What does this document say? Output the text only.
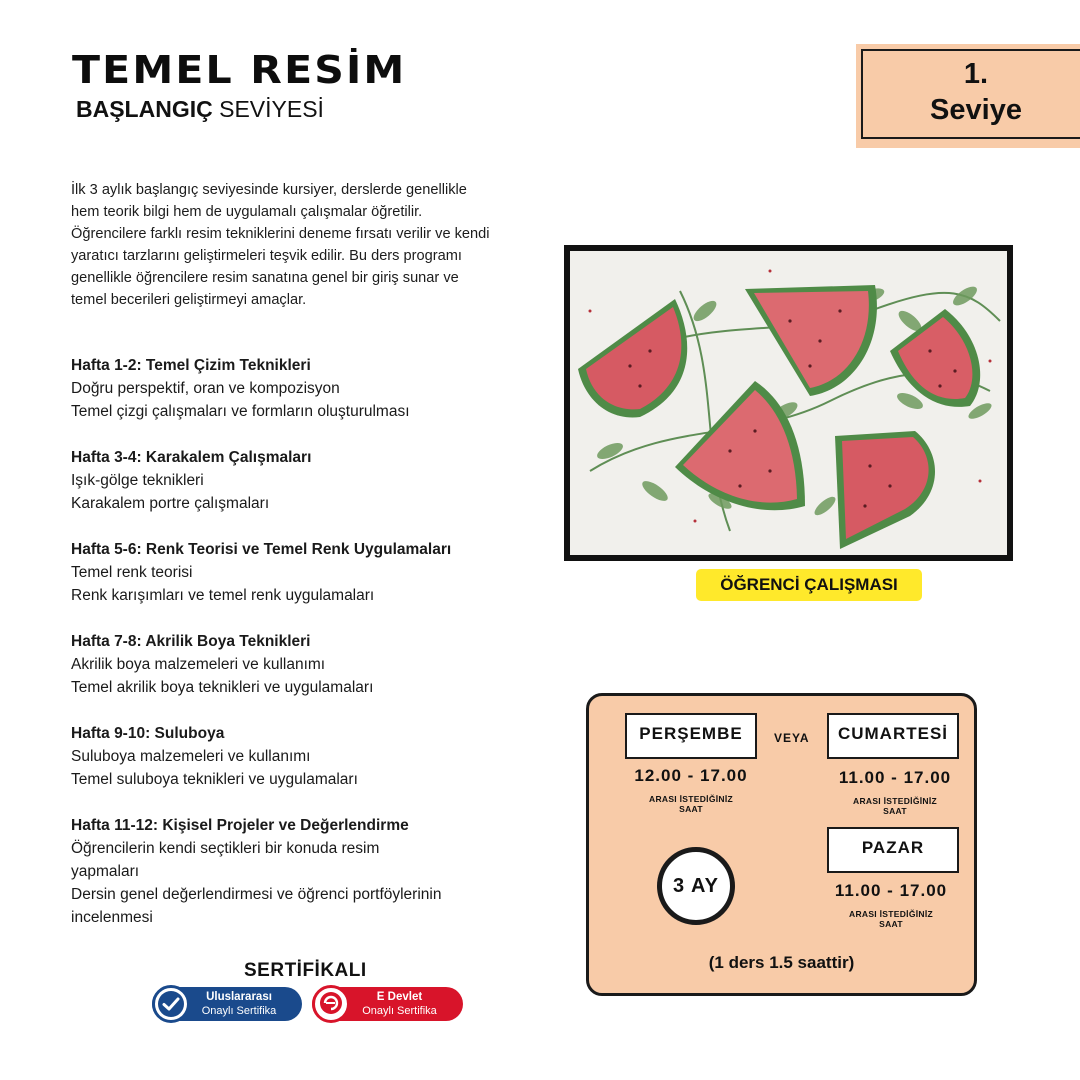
TEMEL RESİM
BAŞLANGIÇ SEVİYESİ
1.
Seviye
İlk 3 aylık başlangıç seviyesinde kursiyer, derslerde genellikle hem teorik bilgi hem de uygulamalı çalışmalar öğretilir. Öğrencilere farklı resim tekniklerini deneme fırsatı verilir ve kendi yaratıcı tarzlarını geliştirmeleri teşvik edilir. Bu ders programı genellikle öğrencilere resim sanatına genel bir giriş sunar ve temel becerileri geliştirmeyi amaçlar.
Hafta 1-2: Temel Çizim Teknikleri
Doğru perspektif, oran ve kompozisyon
Temel çizgi çalışmaları ve formların oluşturulması
Hafta 3-4: Karakalem Çalışmaları
Işık-gölge teknikleri
Karakalem portre çalışmaları
Hafta 5-6: Renk Teorisi ve Temel Renk Uygulamaları
Temel renk teorisi
Renk karışımları ve temel renk uygulamaları
Hafta 7-8: Akrilik Boya Teknikleri
Akrilik boya malzemeleri ve kullanımı
Temel akrilik boya teknikleri ve uygulamaları
Hafta 9-10: Suluboya
Suluboya malzemeleri ve kullanımı
Temel suluboya teknikleri ve uygulamaları
Hafta 11-12: Kişisel Projeler ve Değerlendirme
Öğrencilerin kendi seçtikleri bir konuda resim yapmaları
Dersin genel değerlendirmesi ve öğrenci portföylerinin incelenmesi
SERTİFİKALI
Uluslararası
Onaylı Sertifika
E Devlet
Onaylı Sertifika
ÖĞRENCİ ÇALIŞMASI
PERŞEMBE	VEYA	CUMARTESİ
12.00 - 17.00
ARASI İSTEDİĞİNİZ
SAAT
11.00 - 17.00
ARASI İSTEDİĞİNİZ
SAAT
PAZAR
3 AY	11.00 - 17.00
ARASI İSTEDİĞİNİZ
SAAT
(1 ders 1.5 saattir)
